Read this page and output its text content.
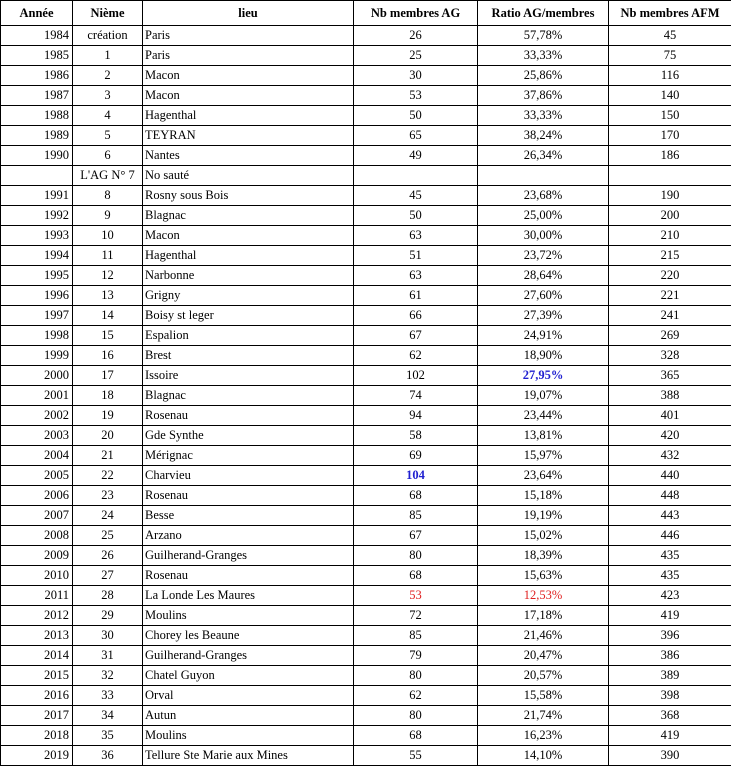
Année	Nième	lieu	Nb membres AG	Ratio AG/membres	Nb membres AFM
1984	création	Paris	26	57,78%	45
1985	1	Paris	25	33,33%	75
1986	2	Macon	30	25,86%	116
1987	3	Macon	53	37,86%	140
1988	4	Hagenthal	50	33,33%	150
1989	5	TEYRAN	65	38,24%	170
1990	6	Nantes	49	26,34%	186
	L'AG N° 7	No sauté			
1991	8	Rosny sous Bois	45	23,68%	190
1992	9	Blagnac	50	25,00%	200
1993	10	Macon	63	30,00%	210
1994	11	Hagenthal	51	23,72%	215
1995	12	Narbonne	63	28,64%	220
1996	13	Grigny	61	27,60%	221
1997	14	Boisy st leger	66	27,39%	241
1998	15	Espalion	67	24,91%	269
1999	16	Brest	62	18,90%	328
2000	17	Issoire	102	27,95%	365
2001	18	Blagnac	74	19,07%	388
2002	19	Rosenau	94	23,44%	401
2003	20	Gde Synthe	58	13,81%	420
2004	21	Mérignac	69	15,97%	432
2005	22	Charvieu	104	23,64%	440
2006	23	Rosenau	68	15,18%	448
2007	24	Besse	85	19,19%	443
2008	25	Arzano	67	15,02%	446
2009	26	Guilherand-Granges	80	18,39%	435
2010	27	Rosenau	68	15,63%	435
2011	28	La Londe Les Maures	53	12,53%	423
2012	29	Moulins	72	17,18%	419
2013	30	Chorey les Beaune	85	21,46%	396
2014	31	Guilherand-Granges	79	20,47%	386
2015	32	Chatel Guyon	80	20,57%	389
2016	33	Orval	62	15,58%	398
2017	34	Autun	80	21,74%	368
2018	35	Moulins	68	16,23%	419
2019	36	Tellure Ste Marie aux Mines	55	14,10%	390
